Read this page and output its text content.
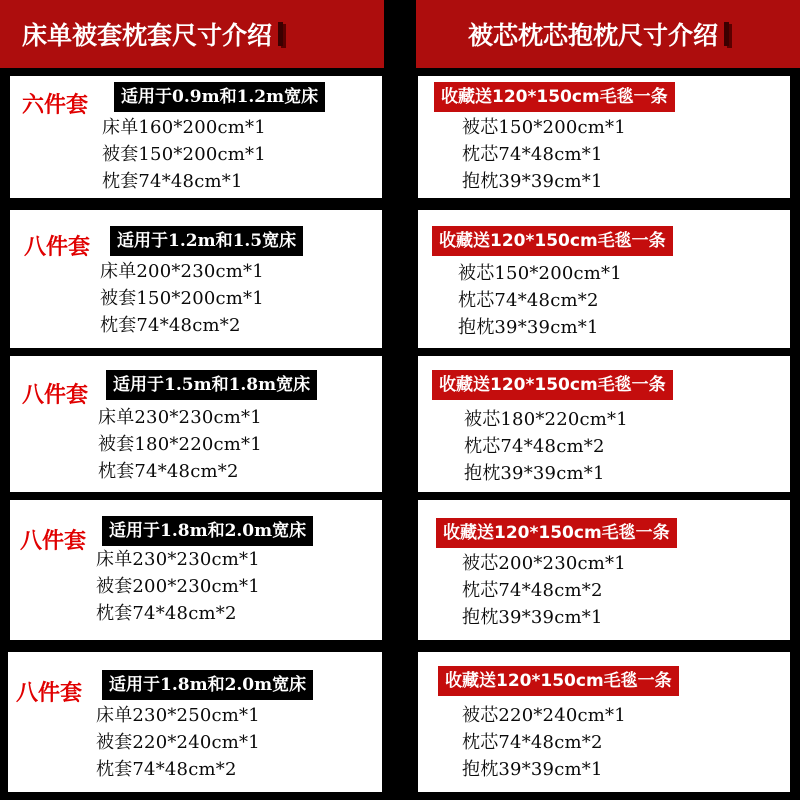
床单被套枕套尺寸介绍	被芯枕芯抱枕尺寸介绍
六件套	适用于0.9m和1.2m宽床
床单160*200cm*1
被套150*200cm*1
枕套74*48cm*1
收藏送120*150cm毛毯一条
被芯150*200cm*1
枕芯74*48cm*1
抱枕39*39cm*1
八件套	适用于1.2m和1.5宽床
床单200*230cm*1
被套150*200cm*1
枕套74*48cm*2
收藏送120*150cm毛毯一条
被芯150*200cm*1
枕芯74*48cm*2
抱枕39*39cm*1
八件套	适用于1.5m和1.8m宽床
床单230*230cm*1
被套180*220cm*1
枕套74*48cm*2
收藏送120*150cm毛毯一条
被芯180*220cm*1
枕芯74*48cm*2
抱枕39*39cm*1
八件套	适用于1.8m和2.0m宽床
床单230*230cm*1
被套200*230cm*1
枕套74*48cm*2
收藏送120*150cm毛毯一条
被芯200*230cm*1
枕芯74*48cm*2
抱枕39*39cm*1
八件套	适用于1.8m和2.0m宽床
床单230*250cm*1
被套220*240cm*1
枕套74*48cm*2
收藏送120*150cm毛毯一条
被芯220*240cm*1
枕芯74*48cm*2
抱枕39*39cm*1
